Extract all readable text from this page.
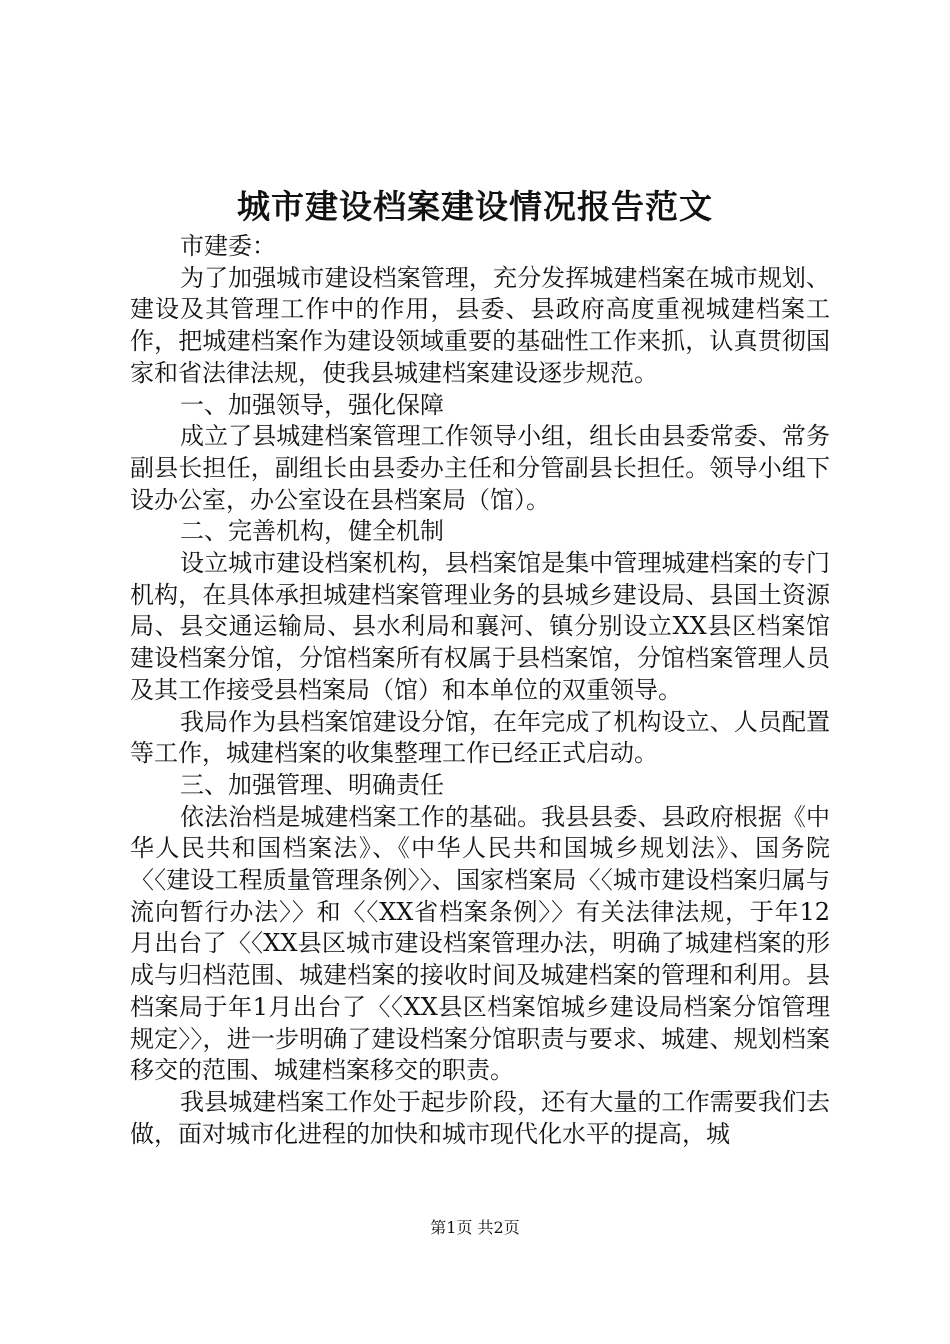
城市建设档案建设情况报告范文

市建委：

为了加强城市建设档案管理，充分发挥城建档案在城市规划、建设及其管理工作中的作用，县委、县政府高度重视城建档案工作，把城建档案作为建设领域重要的基础性工作来抓，认真贯彻国家和省法律法规，使我县城建档案建设逐步规范。

一、加强领导，强化保障

成立了县城建档案管理工作领导小组，组长由县委常委、常务副县长担任，副组长由县委办主任和分管副县长担任。领导小组下设办公室，办公室设在县档案局（馆）。

二、完善机构，健全机制

设立城市建设档案机构，县档案馆是集中管理城建档案的专门机构，在具体承担城建档案管理业务的县城乡建设局、县国土资源局、县交通运输局、县水利局和襄河、镇分别设立XX县区档案馆建设档案分馆，分馆档案所有权属于县档案馆，分馆档案管理人员及其工作接受县档案局（馆）和本单位的双重领导。

我局作为县档案馆建设分馆，在年完成了机构设立、人员配置等工作，城建档案的收集整理工作已经正式启动。

三、加强管理、明确责任

依法治档是城建档案工作的基础。我县县委、县政府根据《中华人民共和国档案法》、《中华人民共和国城乡规划法》、国务院〈〈建设工程质量管理条例〉〉、国家档案局〈〈城市建设档案归属与流向暂行办法〉〉和〈〈XX省档案条例〉〉有关法律法规，于年12月出台了〈〈XX县区城市建设档案管理办法，明确了城建档案的形成与归档范围、城建档案的接收时间及城建档案的管理和利用。县档案局于年1月出台了〈〈XX县区档案馆城乡建设局档案分馆管理规定〉〉，进一步明确了建设档案分馆职责与要求、城建、规划档案移交的范围、城建档案移交的职责。

我县城建档案工作处于起步阶段，还有大量的工作需要我们去做，面对城市化进程的加快和城市现代化水平的提高，城

第1页 共2页
